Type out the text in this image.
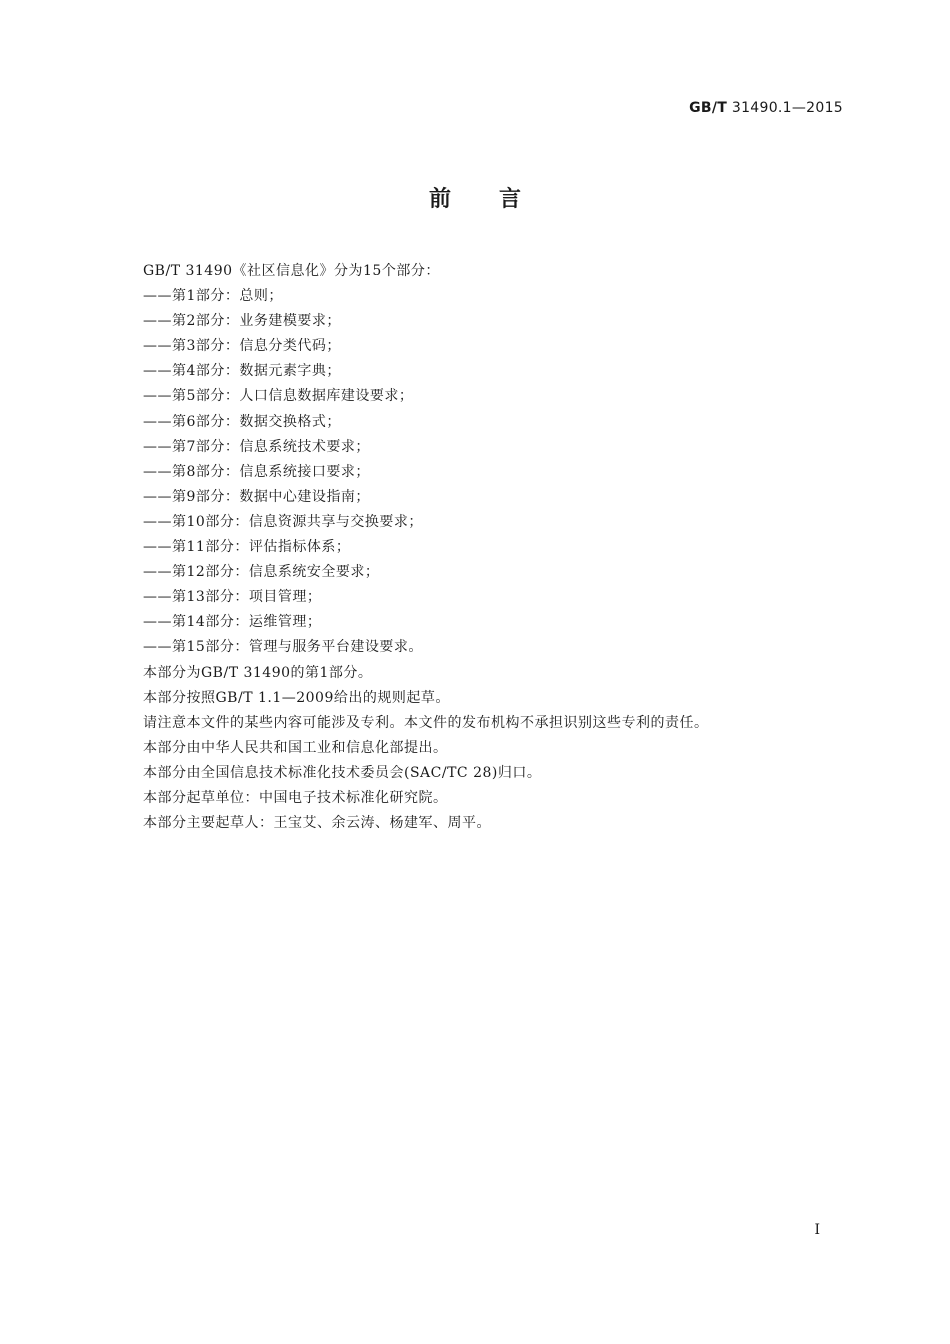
GB/T 31490.1—2015
前言
GB/T 31490《社区信息化》分为15个部分：
——第1部分：总则；
——第2部分：业务建模要求；
——第3部分：信息分类代码；
——第4部分：数据元素字典；
——第5部分：人口信息数据库建设要求；
——第6部分：数据交换格式；
——第7部分：信息系统技术要求；
——第8部分：信息系统接口要求；
——第9部分：数据中心建设指南；
——第10部分：信息资源共享与交换要求；
——第11部分：评估指标体系；
——第12部分：信息系统安全要求；
——第13部分：项目管理；
——第14部分：运维管理；
——第15部分：管理与服务平台建设要求。
本部分为GB/T 31490的第1部分。
本部分按照GB/T 1.1—2009给出的规则起草。
请注意本文件的某些内容可能涉及专利。本文件的发布机构不承担识别这些专利的责任。
本部分由中华人民共和国工业和信息化部提出。
本部分由全国信息技术标准化技术委员会(SAC/TC 28)归口。
本部分起草单位：中国电子技术标准化研究院。
本部分主要起草人：王宝艾、余云涛、杨建军、周平。
I
